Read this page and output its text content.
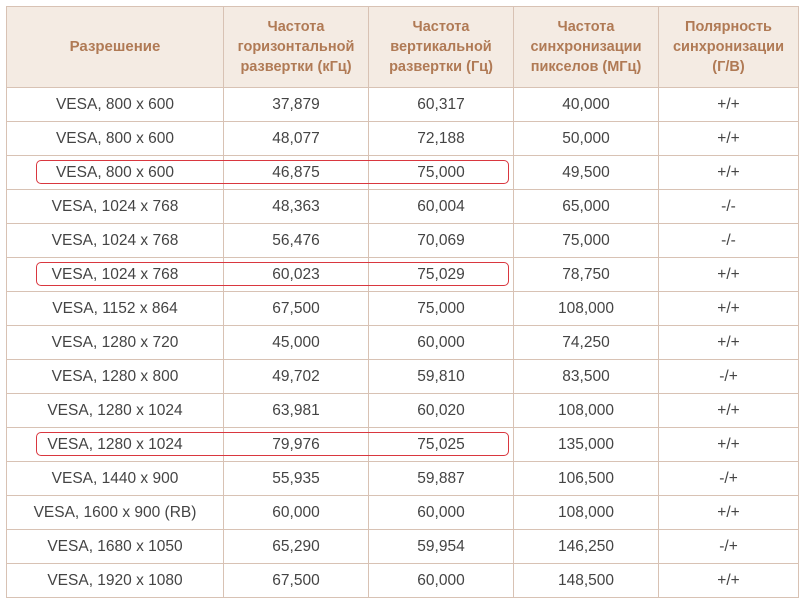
Разрешение	Частота
горизонтальной
развертки (кГц)	Частота
вертикальной
развертки (Гц)	Частота
синхронизации
пикселов (МГц)	Полярность
синхронизации
(Г/В)
VESA, 800 x 600	37,879	60,317	40,000	+/+
VESA, 800 x 600	48,077	72,188	50,000	+/+
VESA, 800 x 600	46,875	75,000	49,500	+/+
VESA, 1024 x 768	48,363	60,004	65,000	-/-
VESA, 1024 x 768	56,476	70,069	75,000	-/-
VESA, 1024 x 768	60,023	75,029	78,750	+/+
VESA, 1152 x 864	67,500	75,000	108,000	+/+
VESA, 1280 x 720	45,000	60,000	74,250	+/+
VESA, 1280 x 800	49,702	59,810	83,500	-/+
VESA, 1280 x 1024	63,981	60,020	108,000	+/+
VESA, 1280 x 1024	79,976	75,025	135,000	+/+
VESA, 1440 x 900	55,935	59,887	106,500	-/+
VESA, 1600 x 900 (RB)	60,000	60,000	108,000	+/+
VESA, 1680 x 1050	65,290	59,954	146,250	-/+
VESA, 1920 x 1080	67,500	60,000	148,500	+/+
